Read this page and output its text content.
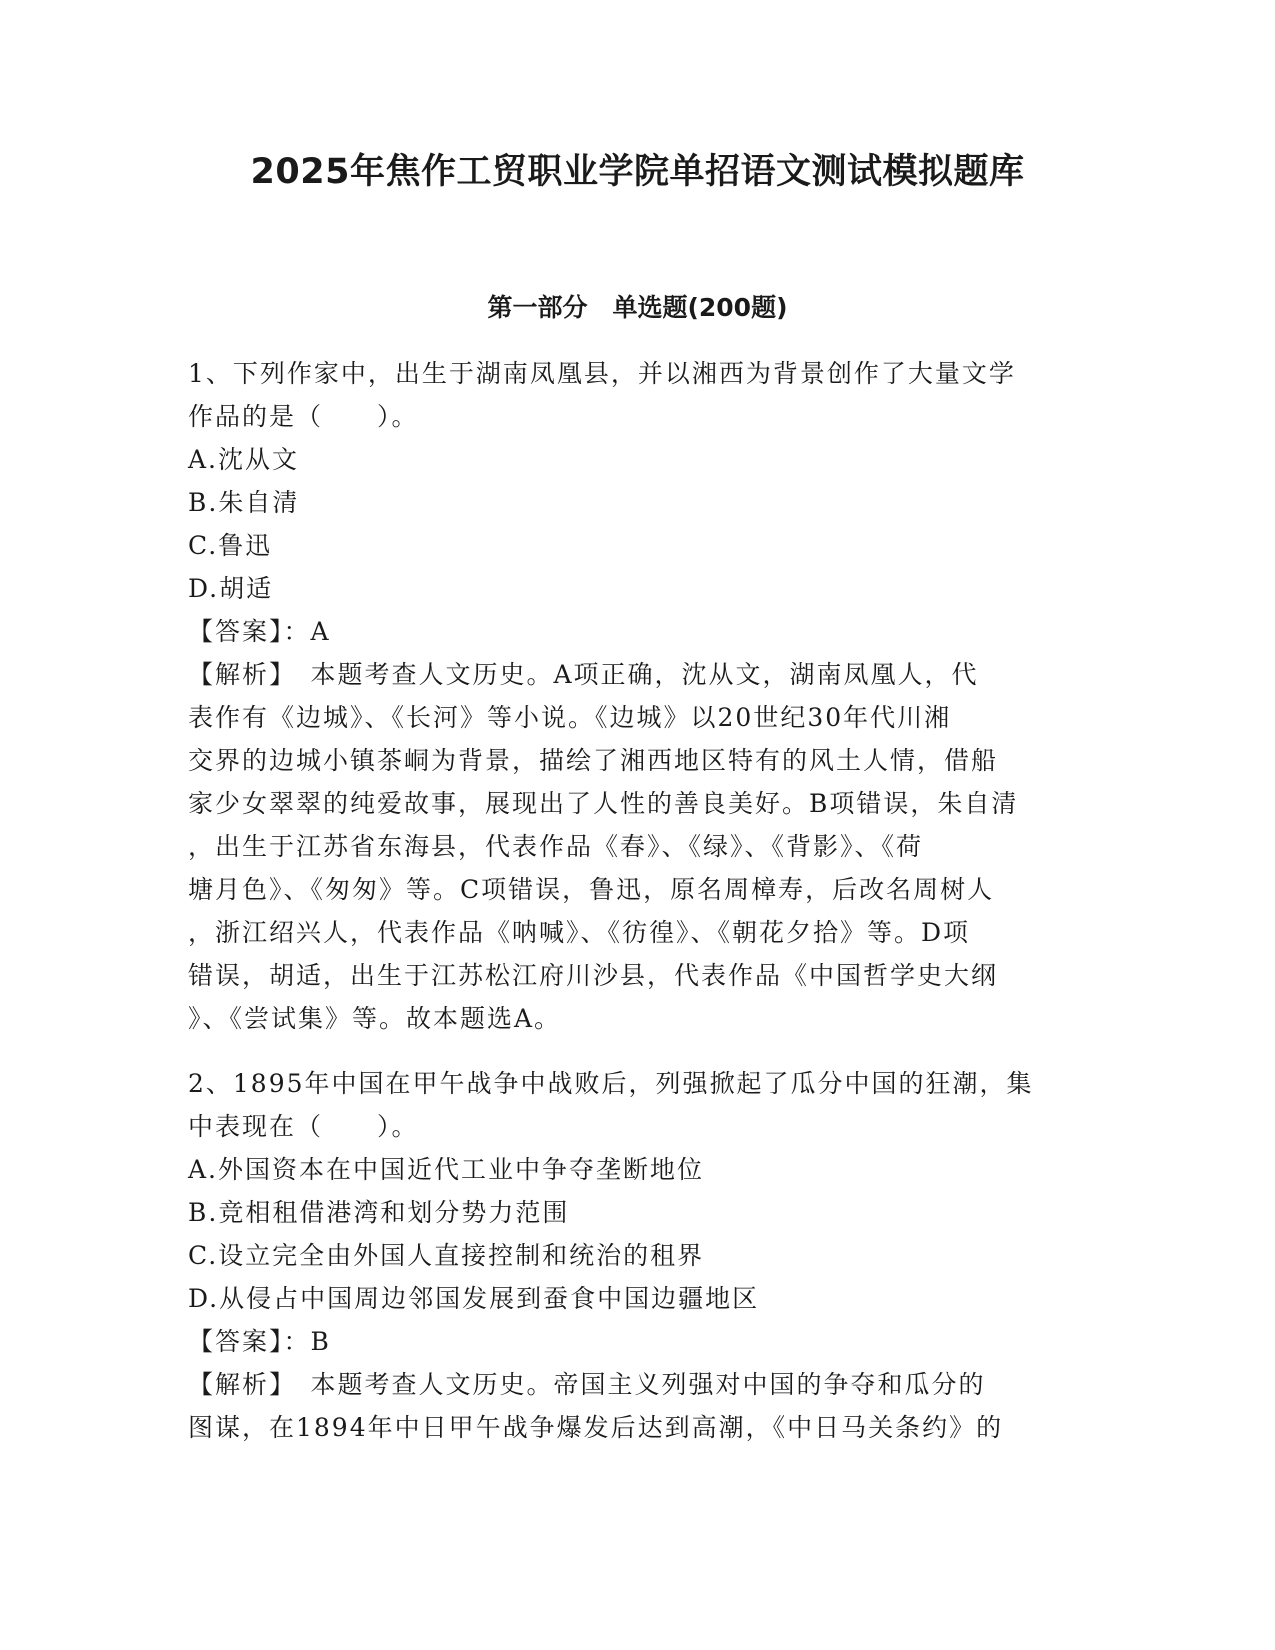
2025年焦作工贸职业学院单招语文测试模拟题库
第一部分　单选题(200题)
1、下列作家中，出生于湖南凤凰县，并以湘西为背景创作了大量文学
作品的是（　　）。
A.沈从文
B.朱自清
C.鲁迅
D.胡适
【答案】：A
【解析】　本题考查人文历史。A项正确，沈从文，湖南凤凰人，代
表作有《边城》、《长河》等小说。《边城》以20世纪30年代川湘
交界的边城小镇茶峒为背景，描绘了湘西地区特有的风土人情，借船
家少女翠翠的纯爱故事，展现出了人性的善良美好。B项错误，朱自清
，出生于江苏省东海县，代表作品《春》、《绿》、《背影》、《荷
塘月色》、《匆匆》等。C项错误，鲁迅，原名周樟寿，后改名周树人
，浙江绍兴人，代表作品《呐喊》、《彷徨》、《朝花夕拾》等。D项
错误，胡适，出生于江苏松江府川沙县，代表作品《中国哲学史大纲
》、《尝试集》等。故本题选A。
2、1895年中国在甲午战争中战败后，列强掀起了瓜分中国的狂潮，集
中表现在（　　）。
A.外国资本在中国近代工业中争夺垄断地位
B.竞相租借港湾和划分势力范围
C.设立完全由外国人直接控制和统治的租界
D.从侵占中国周边邻国发展到蚕食中国边疆地区
【答案】：B
【解析】　本题考查人文历史。帝国主义列强对中国的争夺和瓜分的
图谋，在1894年中日甲午战争爆发后达到高潮，《中日马关条约》的
